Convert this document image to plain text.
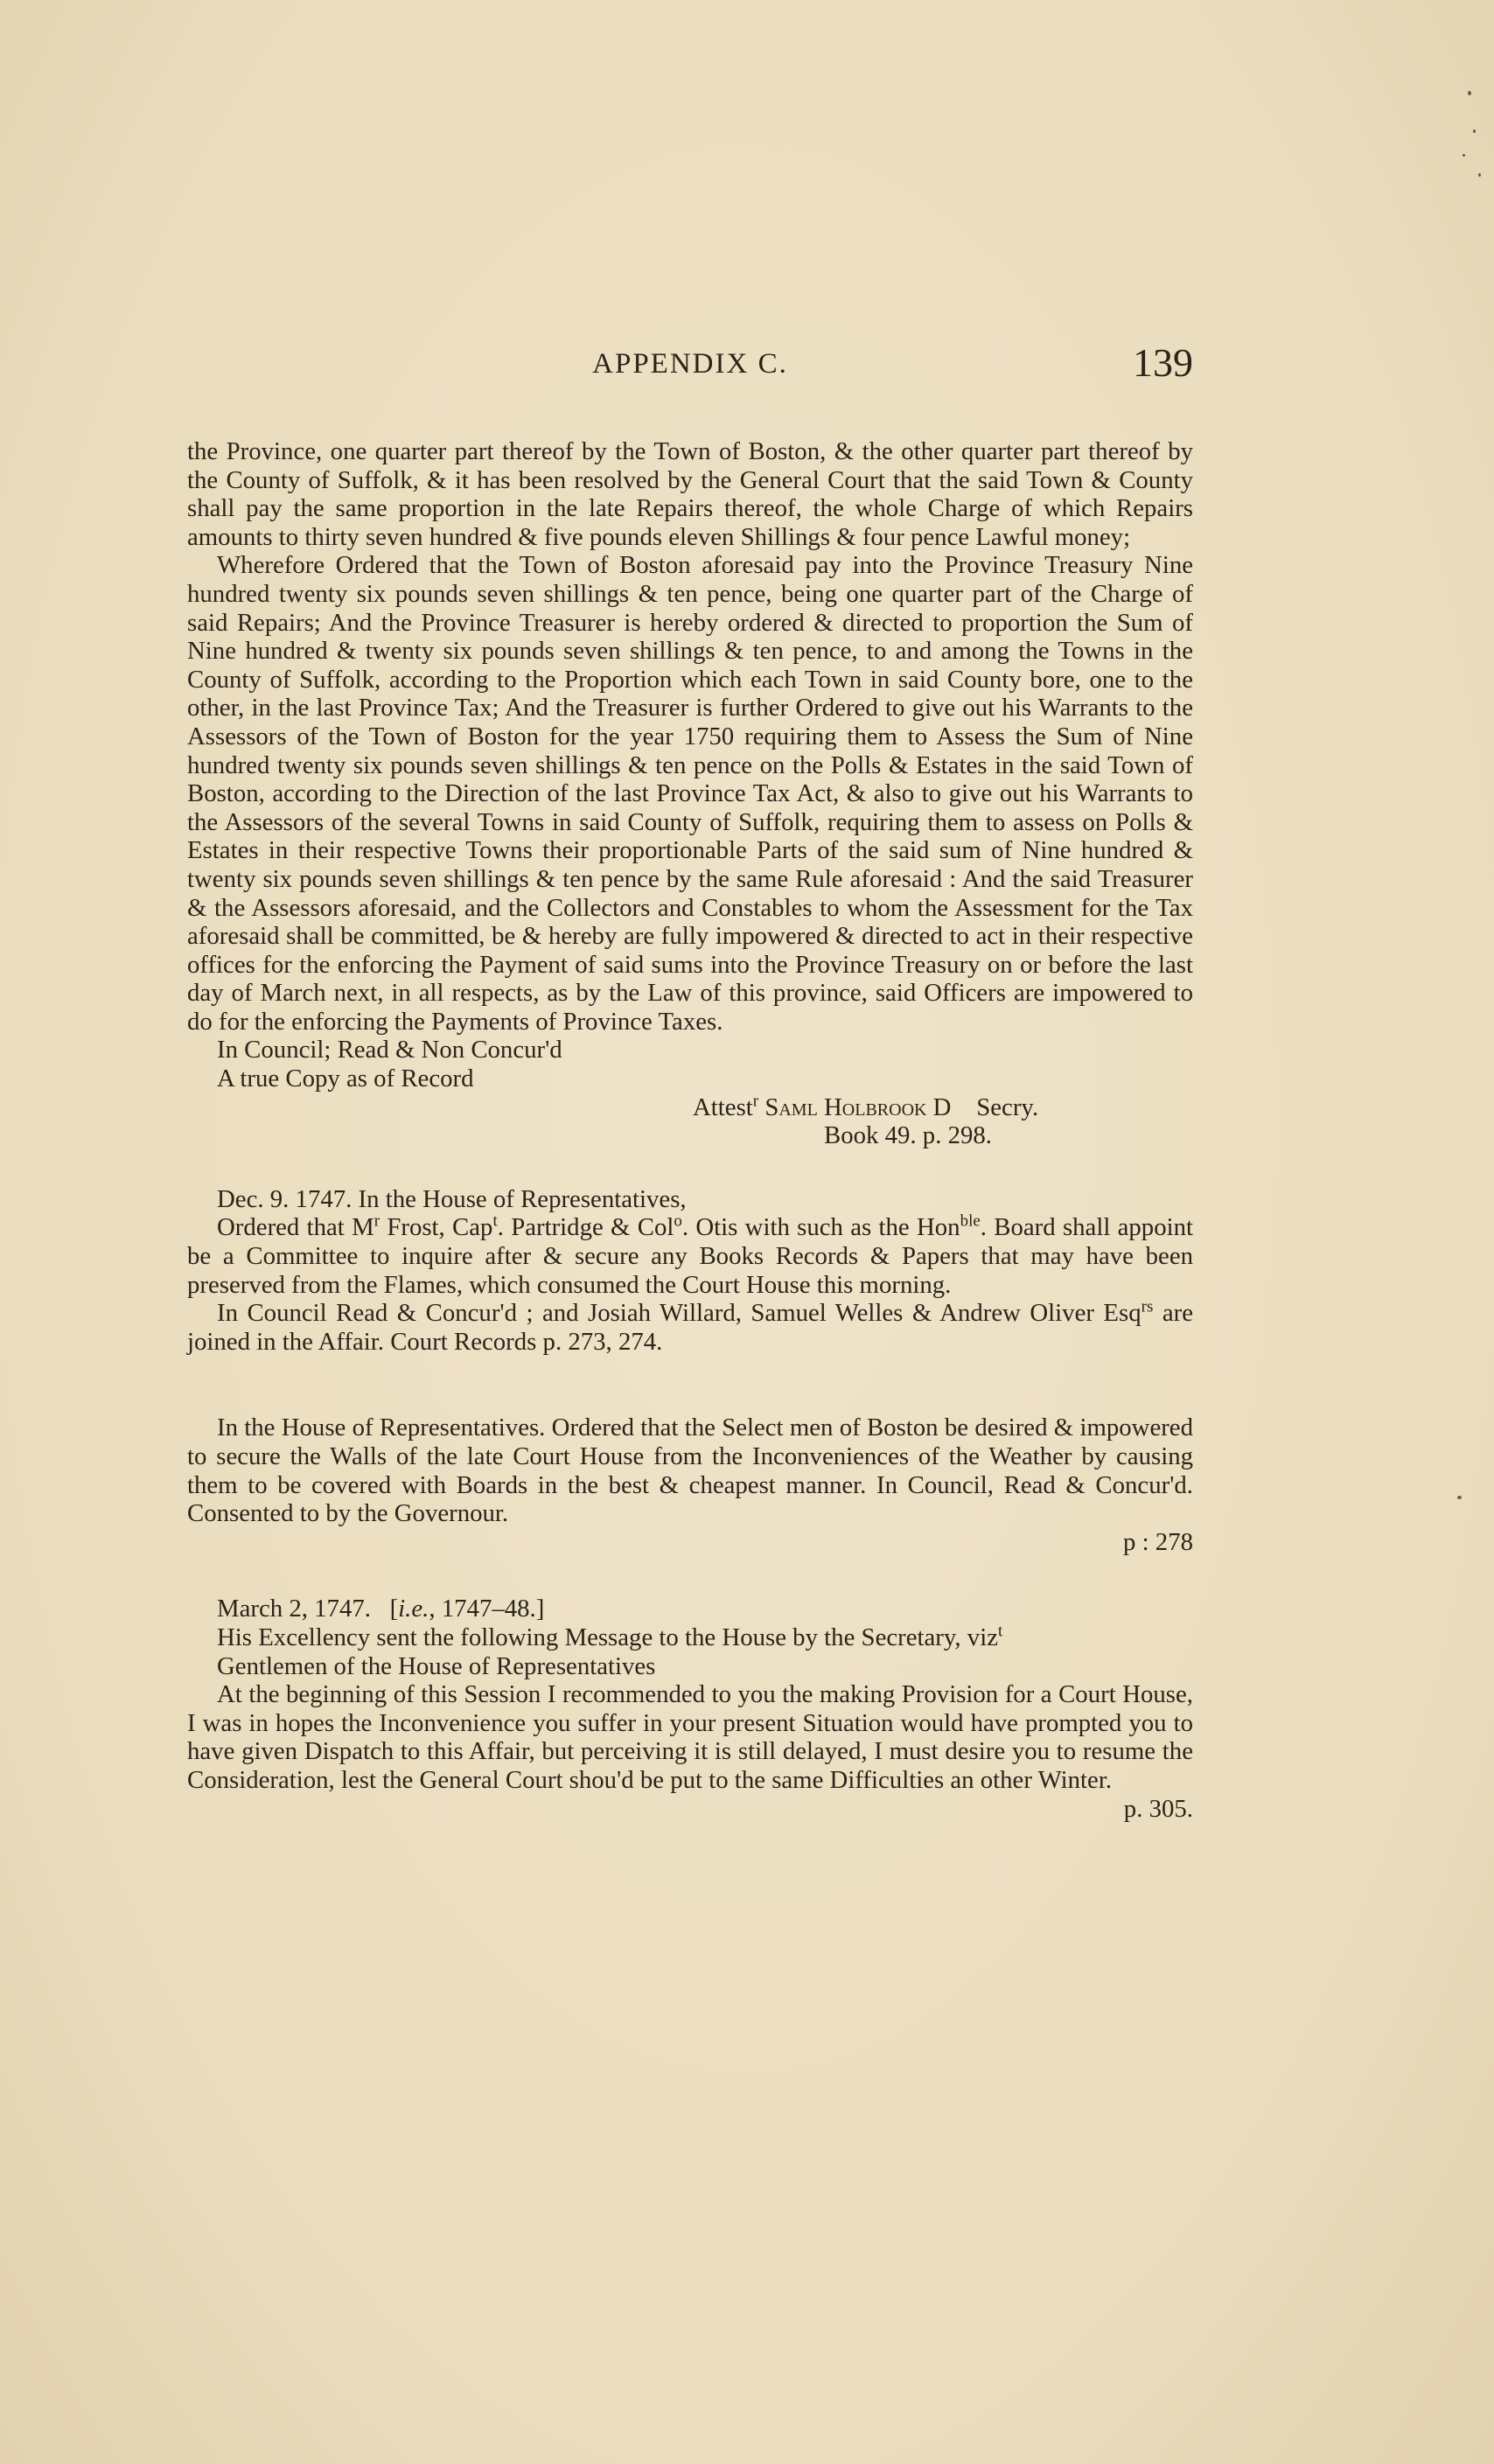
APPENDIX C.	139

the Province, one quarter part thereof by the Town of Boston, & the other quarter part thereof by the County of Suffolk, & it has been resolved by the General Court that the said Town & County shall pay the same proportion in the late Repairs thereof, the whole Charge of which Repairs amounts to thirty seven hundred & five pounds eleven Shillings & four pence Lawful money;

Wherefore Ordered that the Town of Boston aforesaid pay into the Province Treasury Nine hundred twenty six pounds seven shillings & ten pence, being one quarter part of the Charge of said Repairs; And the Province Treasurer is hereby ordered & directed to proportion the Sum of Nine hundred & twenty six pounds seven shillings & ten pence, to and among the Towns in the County of Suffolk, according to the Proportion which each Town in said County bore, one to the other, in the last Province Tax; And the Treasurer is further Ordered to give out his Warrants to the Assessors of the Town of Boston for the year 1750 requiring them to Assess the Sum of Nine hundred twenty six pounds seven shillings & ten pence on the Polls & Estates in the said Town of Boston, according to the Direction of the last Province Tax Act, & also to give out his Warrants to the Assessors of the several Towns in said County of Suffolk, requiring them to assess on Polls & Estates in their respective Towns their proportionable Parts of the said sum of Nine hundred & twenty six pounds seven shillings & ten pence by the same Rule aforesaid : And the said Treasurer & the Assessors aforesaid, and the Collectors and Constables to whom the Assessment for the Tax aforesaid shall be committed, be & hereby are fully impowered & directed to act in their respective offices for the enforcing the Payment of said sums into the Province Treasury on or before the last day of March next, in all respects, as by the Law of this province, said Officers are impowered to do for the enforcing the Payments of Province Taxes.

In Council; Read & Non Concur'd

A true Copy as of Record

Attest$^r$ Saml Holbrook D Secry.

Book 49. p. 298.

Dec. 9. 1747. In the House of Representatives,

Ordered that $M^r$ Frost, Cap$^t$. Partridge & Col$^o$. Otis with such as the Hon$^{ble}$. Board shall appoint be a Committee to inquire after & secure any Books Records & Papers that may have been preserved from the Flames, which consumed the Court House this morning.

In Council Read & Concur'd ; and Josiah Willard, Samuel Welles & Andrew Oliver Esq$^{rs}$ are joined in the Affair. Court Records p. 273, 274.

In the House of Representatives. Ordered that the Select men of Boston be desired & impowered to secure the Walls of the late Court House from the Inconveniences of the Weather by causing them to be covered with Boards in the best & cheapest manner. In Council, Read & Concur'd. Consented to by the Governour.

p : 278

March 2, 1747. [i.e., 1747–48.]

His Excellency sent the following Message to the House by the Secretary, viz$^t$

Gentlemen of the House of Representatives

At the beginning of this Session I recommended to you the making Provision for a Court House, I was in hopes the Inconvenience you suffer in your present Situation would have prompted you to have given Dispatch to this Affair, but perceiving it is still delayed, I must desire you to resume the Consideration, lest the General Court shou'd be put to the same Difficulties an other Winter.

p. 305.
